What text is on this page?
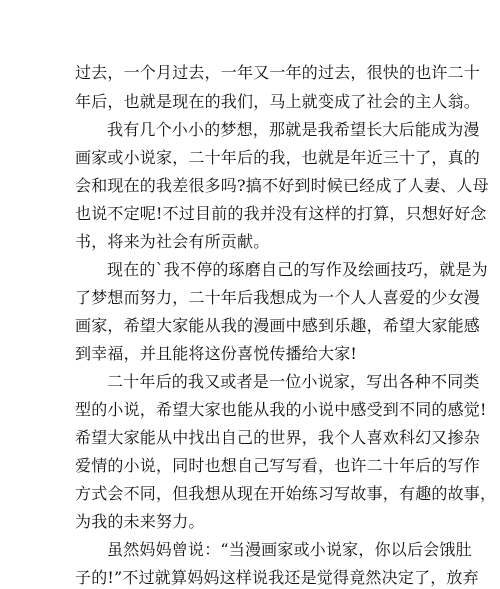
过去，一个月过去，一年又一年的过去，很快的也许二十
年后，也就是现在的我们，马上就变成了社会的主人翁。
我有几个小小的梦想，那就是我希望长大后能成为漫
画家或小说家，二十年后的我，也就是年近三十了，真的
会和现在的我差很多吗?搞不好到时候已经成了人妻、人母
也说不定呢!不过目前的我并没有这样的打算，只想好好念
书，将来为社会有所贡献。
现在的`我不停的琢磨自己的写作及绘画技巧，就是为
了梦想而努力，二十年后我想成为一个人人喜爱的少女漫
画家，希望大家能从我的漫画中感到乐趣，希望大家能感
到幸福，并且能将这份喜悦传播给大家!
二十年后的我又或者是一位小说家，写出各种不同类
型的小说，希望大家也能从我的小说中感受到不同的感觉!
希望大家能从中找出自己的世界，我个人喜欢科幻又掺杂
爱情的小说，同时也想自己写写看，也许二十年后的写作
方式会不同，但我想从现在开始练习写故事，有趣的故事，
为我的未来努力。
虽然妈妈曾说：“当漫画家或小说家，你以后会饿肚
子的!”不过就算妈妈这样说我还是觉得竟然决定了，放弃
